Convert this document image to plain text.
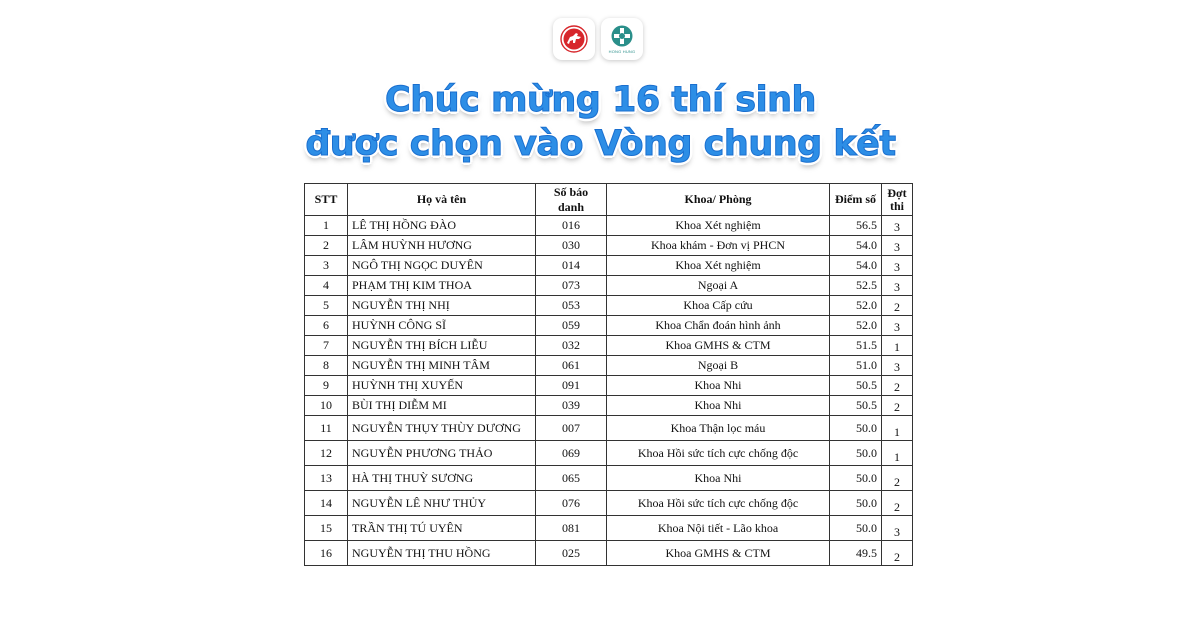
HONG HUNG
Chúc mừng 16 thí sinh
được chọn vào Vòng chung kết
STT	Họ và tên	Số báo danh	Khoa/ Phòng	Điểm số	Đợt thi
1	LÊ THỊ HỒNG ĐÀO	016	Khoa Xét nghiệm	56.5	3
2	LÂM HUỲNH HƯƠNG	030	Khoa khám - Đơn vị PHCN	54.0	3
3	NGÔ THỊ NGỌC DUYÊN	014	Khoa Xét nghiệm	54.0	3
4	PHẠM THỊ KIM THOA	073	Ngoại A	52.5	3
5	NGUYỄN THỊ NHỊ	053	Khoa Cấp cứu	52.0	2
6	HUỲNH CÔNG SĨ	059	Khoa Chẩn đoán hình ảnh	52.0	3
7	NGUYỄN THỊ BÍCH LIỄU	032	Khoa GMHS & CTM	51.5	1
8	NGUYỄN THỊ MINH TÂM	061	Ngoại B	51.0	3
9	HUỲNH THỊ XUYẾN	091	Khoa Nhi	50.5	2
10	BÙI THỊ DIỄM MI	039	Khoa Nhi	50.5	2
11	NGUYỄN THỤY THÙY DƯƠNG	007	Khoa Thận lọc máu	50.0	1
12	NGUYỄN PHƯƠNG THẢO	069	Khoa Hồi sức tích cực chống độc	50.0	1
13	HÀ THỊ THUỲ SƯƠNG	065	Khoa Nhi	50.0	2
14	NGUYỄN LÊ NHƯ THỦY	076	Khoa Hồi sức tích cực chống độc	50.0	2
15	TRẦN THỊ TÚ UYÊN	081	Khoa Nội tiết - Lão khoa	50.0	3
16	NGUYỄN THỊ THU HỒNG	025	Khoa GMHS & CTM	49.5	2
